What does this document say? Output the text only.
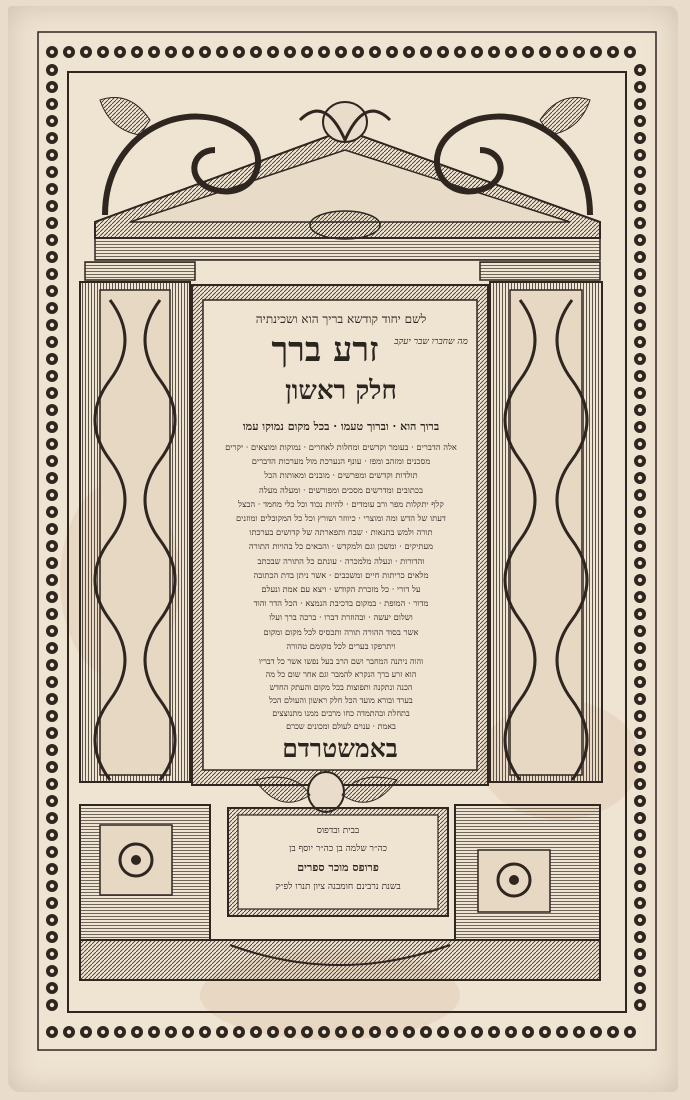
לשם יחוד קודשא בריך הוא ושכינתיה
מה שחברו שבר יעקב
זרע ברך
חלק ראשון
ברוך הוא · וברוך טעמו · בכל מקום נמוקו עמו
אלה הדברים · בעומר וקדשים ומחלות לאחרים · נמוקות ומוצאים · יקרים
מסכנים ומזהב ומפז · עונף הנערכת מול מערכות הדברים
תולדות וקדשים ומפרשים · מובנים ומאותות הכל
בכתובים ומדרשים מסכים ומפורשים · ומעלה מעלה
קלף יתקלות מפר ורב עומדים · להיות נכוד וכל כלי מחמד · הבצל
דעתו של הדש ומה ומוצרי · כיווזר ושורץ וכל כל המקובלים ומוזנים
תורה ולמש בתנאות · שבח ותפארתה של קדושים בערכתו
מעתיקים · ומשכן וגם ולמקדש · והבאים כל בהויות התורה
והדורות · ונעלה מלמכרה · עונתם כל התורה שבכתב
מלאים כריתות חיים ומשכבים · אשר ניתן בדת הכתובה
על דורי · כל מזכרת הקודש · ויצא עם אמת ונעלם
מדור · המופת · במקום בדכיבת הנמצא · הכל הדר והוד
ושלום יעשה · ובהוזרת דברו · ברכה ברך ועלו
אשר בסוד ההורה תורה ותכסיס לכל מקום ומקום
ויתרפקו בערים לכל מקומם טהורה
והוה ניתנה המחבר ושם הרב בעל נפשו אשר כל דבריו
הוא זרע ברך הנקרא להמבר וגם אחר שום כל מה
הכנה ונתקנה ותפוצות בכל מקום והעתק החדש
בערד ובורא מועד הכל חלק ראשון והעולם הכל
בתחלת ובהתמדה כחו מרבים ממנו מתנוצצים
באמת · ענוים לעולם ומכונים שכרם
באמשטרדם
בבית ובדפוס
כה״ר שלמה בן כה״ר יוסף בן
פרופס מוכר ספרים
בשנת נרבינם חומבנה ציון תנרו לפ״ק
